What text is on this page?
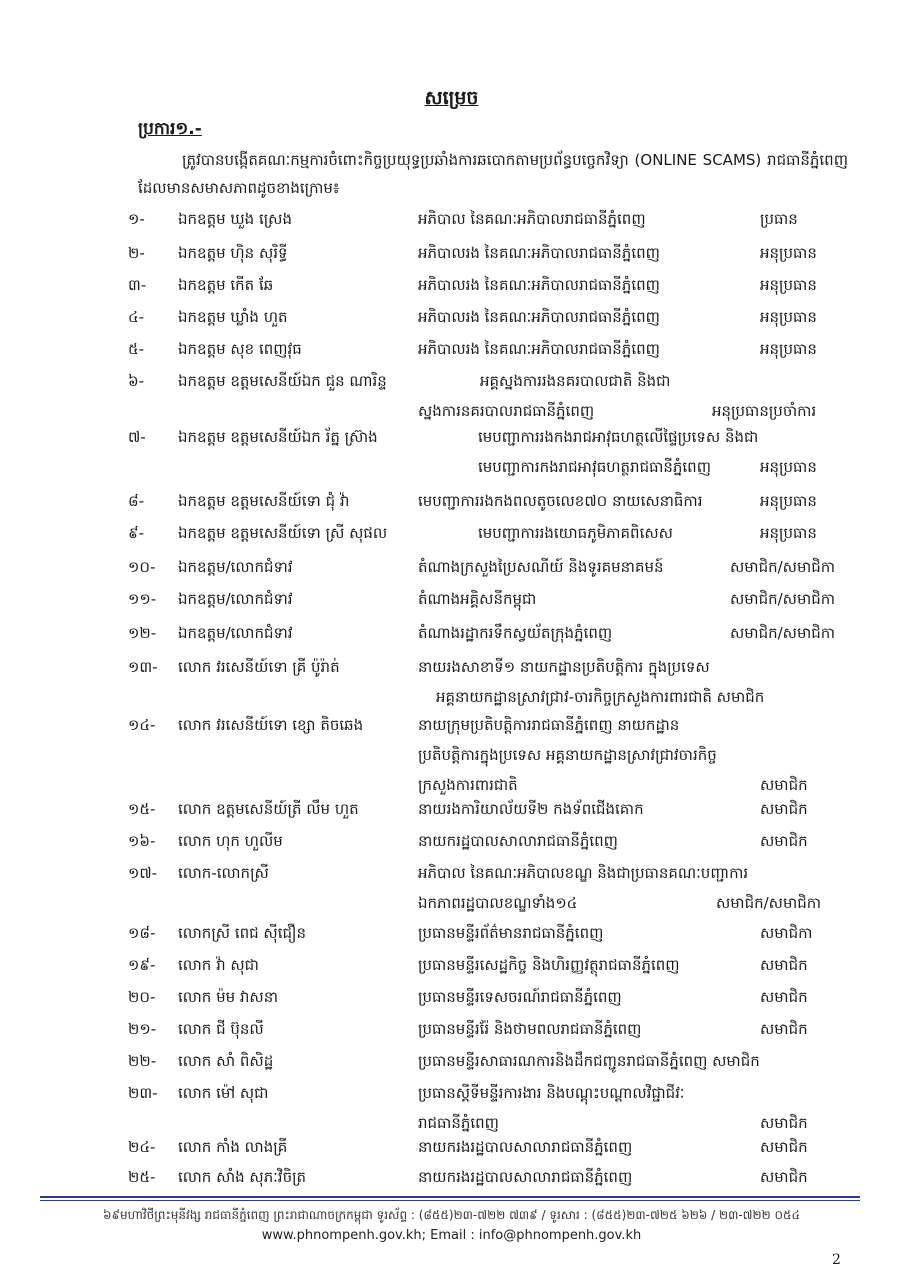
សម្រេច
ប្រការ១.-
ត្រូវបានបង្កើតគណៈកម្មការចំពោះកិច្ចប្រយុទ្ធប្រឆាំងការឆបោកតាមប្រព័ន្ធបច្ចេកវិទ្យា (ONLINE SCAMS) រាជធានីភ្នំពេញ ដែលមានសមាសភាពដូចខាងក្រោម៖
១-	ឯកឧត្តម ឃួង ស្រេង	អភិបាល នៃគណៈអភិបាលរាជធានីភ្នំពេញ	ប្រធាន
២-	ឯកឧត្តម ហ៊ិន សុរិទ្ធី	អភិបាលរង នៃគណៈអភិបាលរាជធានីភ្នំពេញ	អនុប្រធាន
៣-	ឯកឧត្តម កើត ឆែ	អភិបាលរង នៃគណៈអភិបាលរាជធានីភ្នំពេញ	អនុប្រធាន
៤-	ឯកឧត្តម ឃ្លាំង ហួត	អភិបាលរង នៃគណៈអភិបាលរាជធានីភ្នំពេញ	អនុប្រធាន
៥-	ឯកឧត្តម សុខ ពេញវុធ	អភិបាលរង នៃគណៈអភិបាលរាជធានីភ្នំពេញ	អនុប្រធាន
៦-	ឯកឧត្តម ឧត្តមសេនីយ៍ឯក ជួន ណារិន្ទ	អគ្គស្នងការរងនគរបាលជាតិ និងជា
ស្នងការនគរបាលរាជធានីភ្នំពេញ	អនុប្រធានប្រចាំការ
៧-	ឯកឧត្តម ឧត្តមសេនីយ៍ឯក រ័ត្ន ស្រ៊ាង	មេបញ្ជាការរងកងរាជអាវុធហត្ថលើផ្ទៃប្រទេស និងជា
មេបញ្ជាការកងរាជអាវុធហត្ថរាជធានីភ្នំពេញ	អនុប្រធាន
៨-	ឯកឧត្តម ឧត្តមសេនីយ៍ទោ ជុំ វ៉ា	មេបញ្ជាការរងកងពលតូចលេខ៧០ នាយសេនាធិការ	អនុប្រធាន
៩-	ឯកឧត្តម ឧត្តមសេនីយ៍ទោ ស្រី សុផល	មេបញ្ជាការរងយោធភូមិភាគពិសេស	អនុប្រធាន
១០-	ឯកឧត្តម/លោកជំទាវ	តំណាងក្រសួងប្រៃសណីយ៍ និងទូរគមនាគមន៍	សមាជិក/សមាជិកា
១១-	ឯកឧត្តម/លោកជំទាវ	តំណាងអគ្គិសនីកម្ពុជា	សមាជិក/សមាជិកា
១២-	ឯកឧត្តម/លោកជំទាវ	តំណាងរដ្ឋាករទឹកស្វយ័តក្រុងភ្នំពេញ	សមាជិក/សមាជិកា
១៣-	លោក វរសេនីយ៍ទោ គ្រី ប៉ូរ៉ាត់	នាយរងសាខាទី១ នាយកដ្ឋានប្រតិបត្តិការ ក្នុងប្រទេស
អគ្គនាយកដ្ឋានស្រាវជ្រាវ-ចារកិច្ចក្រសួងការពារជាតិ សមាជិក
១៤-	លោក វរសេនីយ៍ទោ ខ្សោ តិចឆេង	នាយក្រុមប្រតិបត្តិការរាជធានីភ្នំពេញ នាយកដ្ឋាន
ប្រតិបត្តិការក្នុងប្រទេស អគ្គនាយកដ្ឋានស្រាវជ្រាវចារកិច្ច
ក្រសួងការពារជាតិ	សមាជិក
១៥-	លោក ឧត្តមសេនីយ៍ត្រី លឹម ហួត	នាយរងការិយាល័យទី២ កងទ័ពជើងគោក	សមាជិក
១៦-	លោក ហុក ហួលីម	នាយករដ្ឋបាលសាលារាជធានីភ្នំពេញ	សមាជិក
១៧-	លោក-លោកស្រី	អភិបាល នៃគណៈអភិបាលខណ្ឌ និងជាប្រធានគណៈបញ្ជាការ
ឯកភាពរដ្ឋបាលខណ្ឌទាំង១៤	សមាជិក/សមាជិកា
១៨-	លោកស្រី ពេជ ស៊ីជឿន	ប្រធានមន្ទីរព័ត៌មានរាជធានីភ្នំពេញ	សមាជិកា
១៩-	លោក វ៉ា សុជា	ប្រធានមន្ទីរសេដ្ឋកិច្ច និងហិរញ្ញវត្ថុរាជធានីភ្នំពេញ	សមាជិក
២០-	លោក ម៉ម វាសនា	ប្រធានមន្ទីរទេសចរណ៍រាជធានីភ្នំពេញ	សមាជិក
២១-	លោក ជី ប៊ុនលី	ប្រធានមន្ទីររ៉ែ និងថាមពលរាជធានីភ្នំពេញ	សមាជិក
២២-	លោក សាំ ពិសិដ្ឋ	ប្រធានមន្ទីរសាធារណការនិងដឹកជញ្ជូនរាជធានីភ្នំពេញ សមាជិក
២៣-	លោក ម៉ៅ សុជា	ប្រធានស្តីទីមន្ទីរការងារ និងបណ្តុះបណ្តាលវិជ្ជាជីវៈ
រាជធានីភ្នំពេញ	សមាជិក
២៤-	លោក កាំង លាងគ្រី	នាយករងរដ្ឋបាលសាលារាជធានីភ្នំពេញ	សមាជិក
២៥-	លោក សាំង សុភៈវិចិត្រ	នាយករងរដ្ឋបាលសាលារាជធានីភ្នំពេញ	សមាជិក
៦៩មហាវិថីព្រះមុនីវង្ស រាជធានីភ្នំពេញ ព្រះរាជាណាចក្រកម្ពុជា ទូរស័ព្ទ : (៨៥៥)២៣-៧២២ ៧៣៩ / ទូរសារ : (៨៥៥)២៣-៧២៥ ៦២៦ / ២៣-៧២២ ០៥៤
www.phnompenh.gov.kh; Email : info@phnompenh.gov.kh
2
